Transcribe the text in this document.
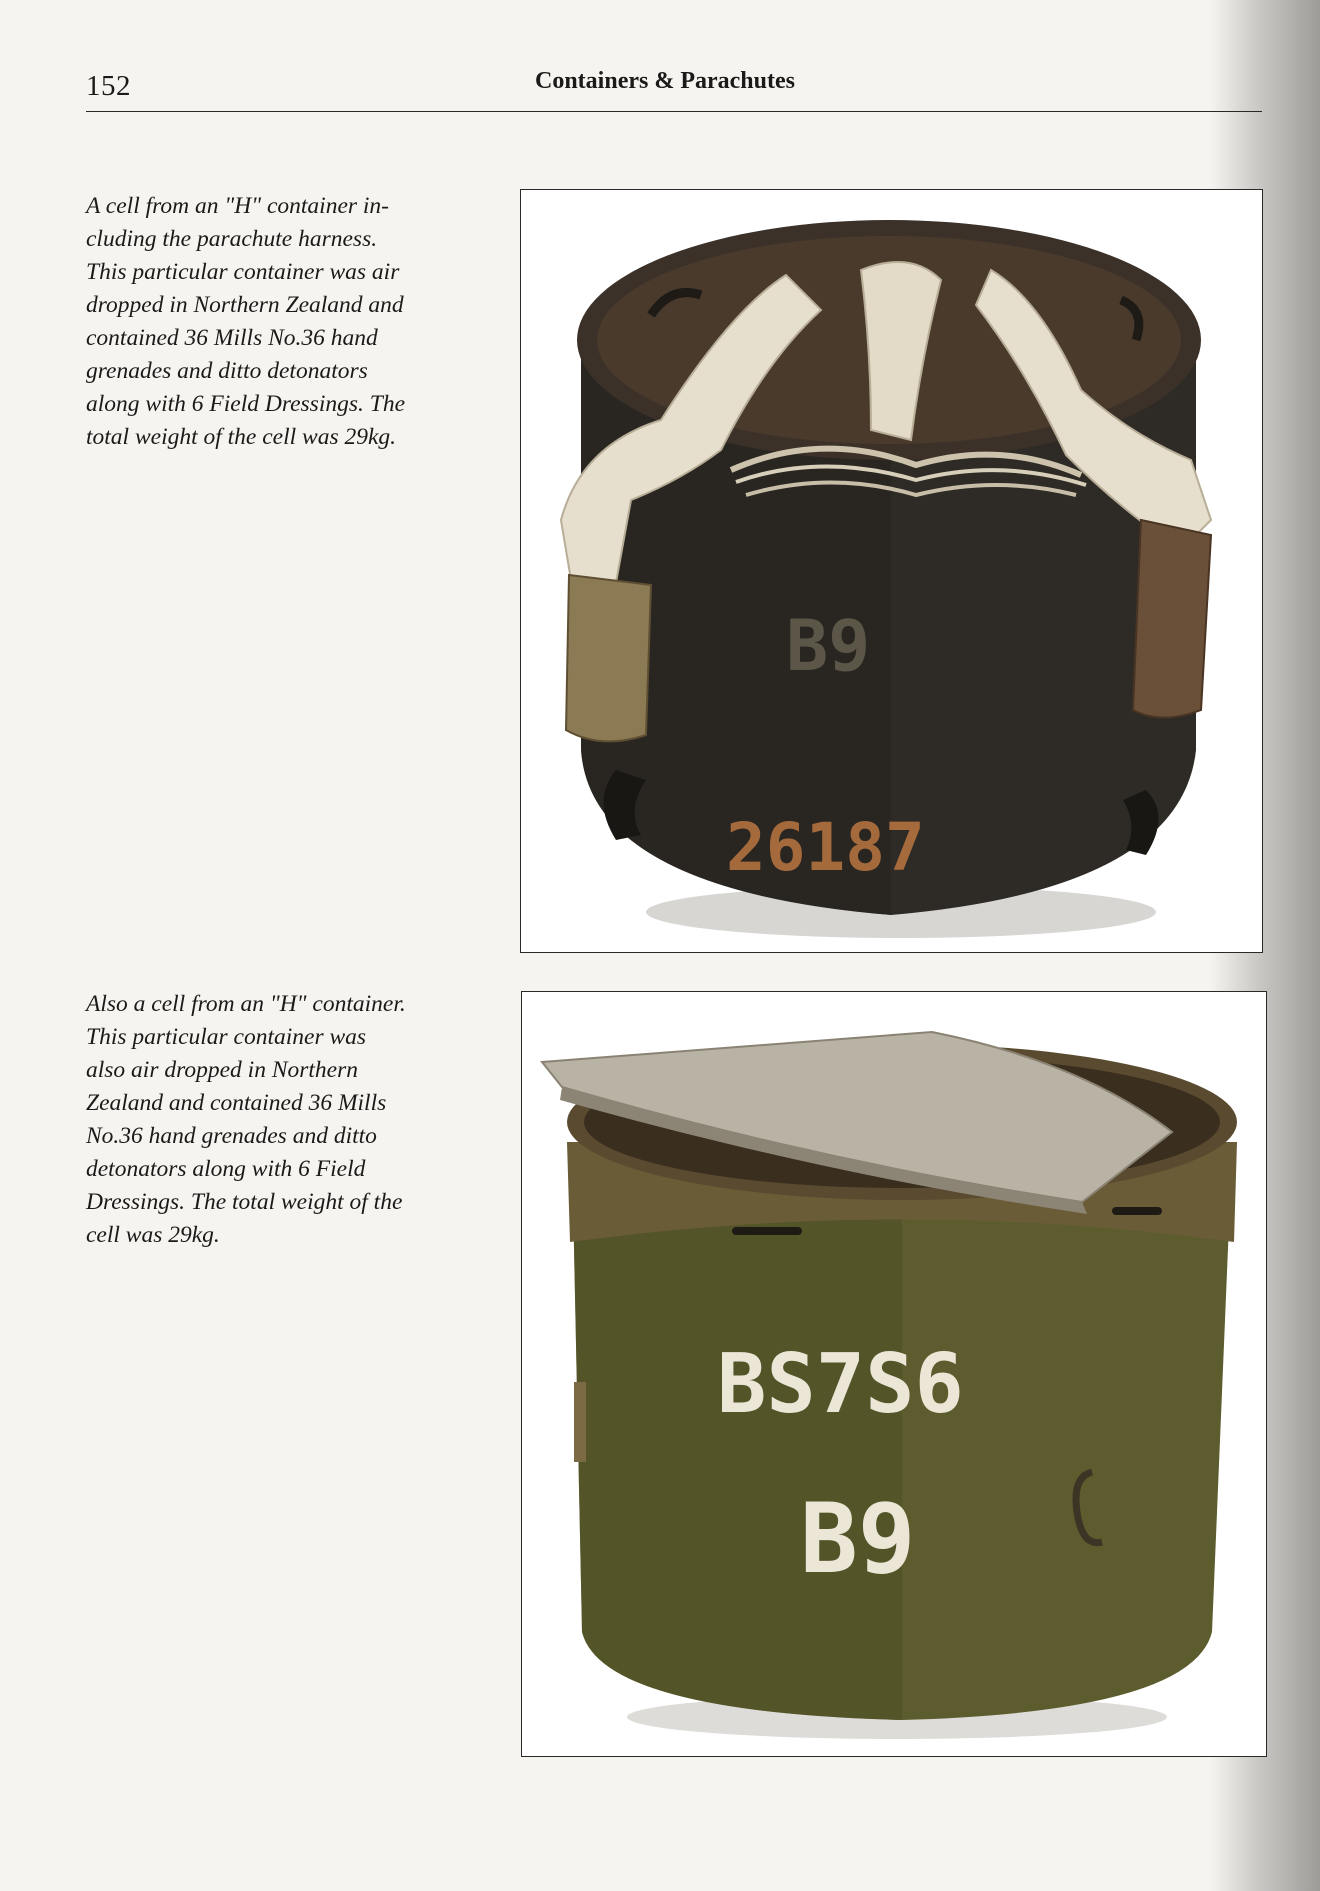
152	Containers & Parachutes
A cell from an "H" container in-
cluding the parachute harness.
This particular container was air
dropped in Northern Zealand and
contained 36 Mills No.36 hand
grenades and ditto detonators
along with 6 Field Dressings. The
total weight of the cell was 29kg.
B9
26187
Also a cell from an "H" container.
This particular container was
also air dropped in Northern
Zealand and contained 36 Mills
No.36 hand grenades and ditto
detonators along with 6 Field
Dressings. The total weight of the
cell was 29kg.
BS7S6
B9
